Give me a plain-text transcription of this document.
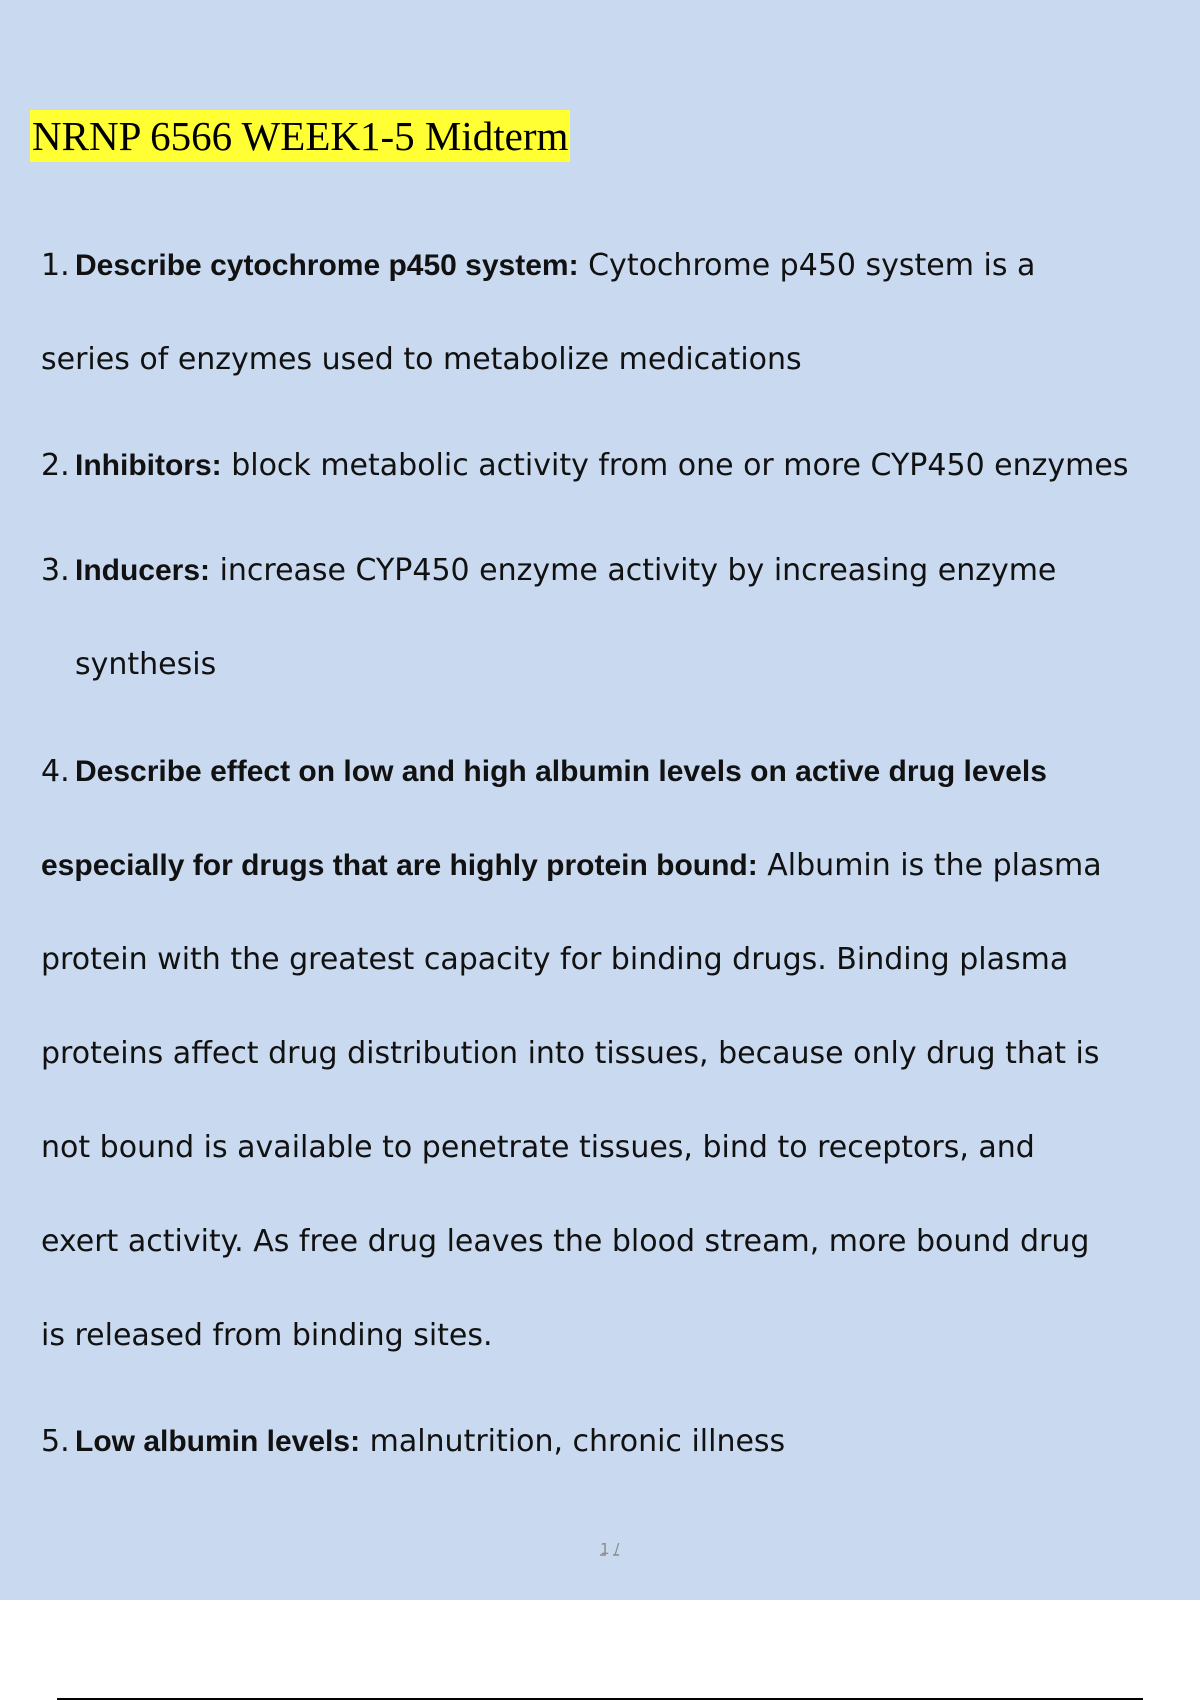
NRNP 6566 WEEK1-5 Midterm

1. Describe cytochrome p450 system: Cytochrome p450 system is a

series of enzymes used to metabolize medications

2. Inhibitors: block metabolic activity from one or more CYP450 enzymes

3. Inducers: increase CYP450 enzyme activity by increasing enzyme

synthesis

4. Describe effect on low and high albumin levels on active drug levels

especially for drugs that are highly protein bound: Albumin is the plasma

protein with the greatest capacity for binding drugs. Binding plasma

proteins affect drug distribution into tissues, because only drug that is

not bound is available to penetrate tissues, bind to receptors, and

exert activity. As free drug leaves the blood stream, more bound drug

is released from binding sites.

5. Low albumin levels: malnutrition, chronic illness

1 /
